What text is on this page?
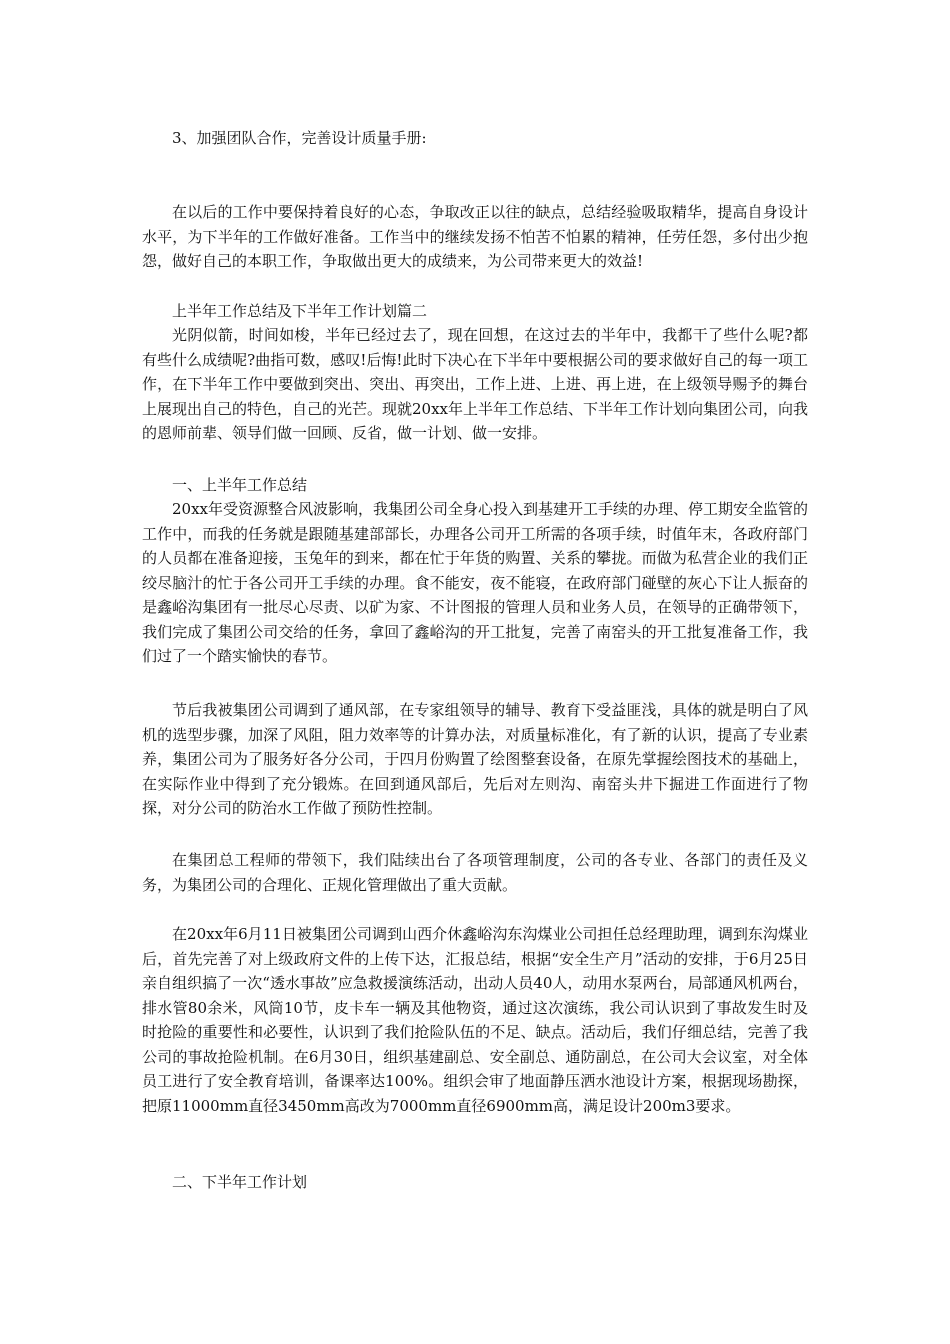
3、加强团队合作，完善设计质量手册:

在以后的工作中要保持着良好的心态，争取改正以往的缺点，总结经验吸取精华，提高自身设计水平，为下半年的工作做好准备。工作当中的继续发扬不怕苦不怕累的精神，任劳任怨，多付出少抱怨，做好自己的本职工作，争取做出更大的成绩来，为公司带来更大的效益!

上半年工作总结及下半年工作计划篇二

光阴似箭，时间如梭，半年已经过去了，现在回想，在这过去的半年中，我都干了些什么呢?都有些什么成绩呢?曲指可数，感叹!后悔!此时下决心在下半年中要根据公司的要求做好自己的每一项工作，在下半年工作中要做到突出、突出、再突出，工作上进、上进、再上进，在上级领导赐予的舞台上展现出自己的特色，自己的光芒。现就20xx年上半年工作总结、下半年工作计划向集团公司，向我的恩师前辈、领导们做一回顾、反省，做一计划、做一安排。

一、上半年工作总结

20xx年受资源整合风波影响，我集团公司全身心投入到基建开工手续的办理、停工期安全监管的工作中，而我的任务就是跟随基建部部长，办理各公司开工所需的各项手续，时值年末，各政府部门的人员都在准备迎接，玉兔年的到来，都在忙于年货的购置、关系的攀拢。而做为私营企业的我们正绞尽脑汁的忙于各公司开工手续的办理。食不能安，夜不能寝，在政府部门碰壁的灰心下让人振奋的是鑫峪沟集团有一批尽心尽责、以矿为家、不计图报的管理人员和业务人员，在领导的正确带领下，我们完成了集团公司交给的任务，拿回了鑫峪沟的开工批复，完善了南窑头的开工批复准备工作，我们过了一个踏实愉快的春节。

节后我被集团公司调到了通风部，在专家组领导的辅导、教育下受益匪浅，具体的就是明白了风机的选型步骤，加深了风阻，阻力效率等的计算办法，对质量标准化，有了新的认识，提高了专业素养，集团公司为了服务好各分公司，于四月份购置了绘图整套设备，在原先掌握绘图技术的基础上，在实际作业中得到了充分锻炼。在回到通风部后，先后对左则沟、南窑头井下掘进工作面进行了物探，对分公司的防治水工作做了预防性控制。

在集团总工程师的带领下，我们陆续出台了各项管理制度，公司的各专业、各部门的责任及义务，为集团公司的合理化、正规化管理做出了重大贡献。

在20xx年6月11日被集团公司调到山西介休鑫峪沟东沟煤业公司担任总经理助理，调到东沟煤业后，首先完善了对上级政府文件的上传下达，汇报总结，根据“安全生产月”活动的安排，于6月25日亲自组织搞了一次“透水事故”应急救援演练活动，出动人员40人，动用水泵两台，局部通风机两台，排水管80余米，风筒10节，皮卡车一辆及其他物资，通过这次演练，我公司认识到了事故发生时及时抢险的重要性和必要性，认识到了我们抢险队伍的不足、缺点。活动后，我们仔细总结，完善了我公司的事故抢险机制。在6月30日，组织基建副总、安全副总、通防副总，在公司大会议室，对全体员工进行了安全教育培训，备课率达100%。组织会审了地面静压洒水池设计方案，根据现场勘探，把原11000mm直径3450mm高改为7000mm直径6900mm高，满足设计200m3要求。

二、下半年工作计划
